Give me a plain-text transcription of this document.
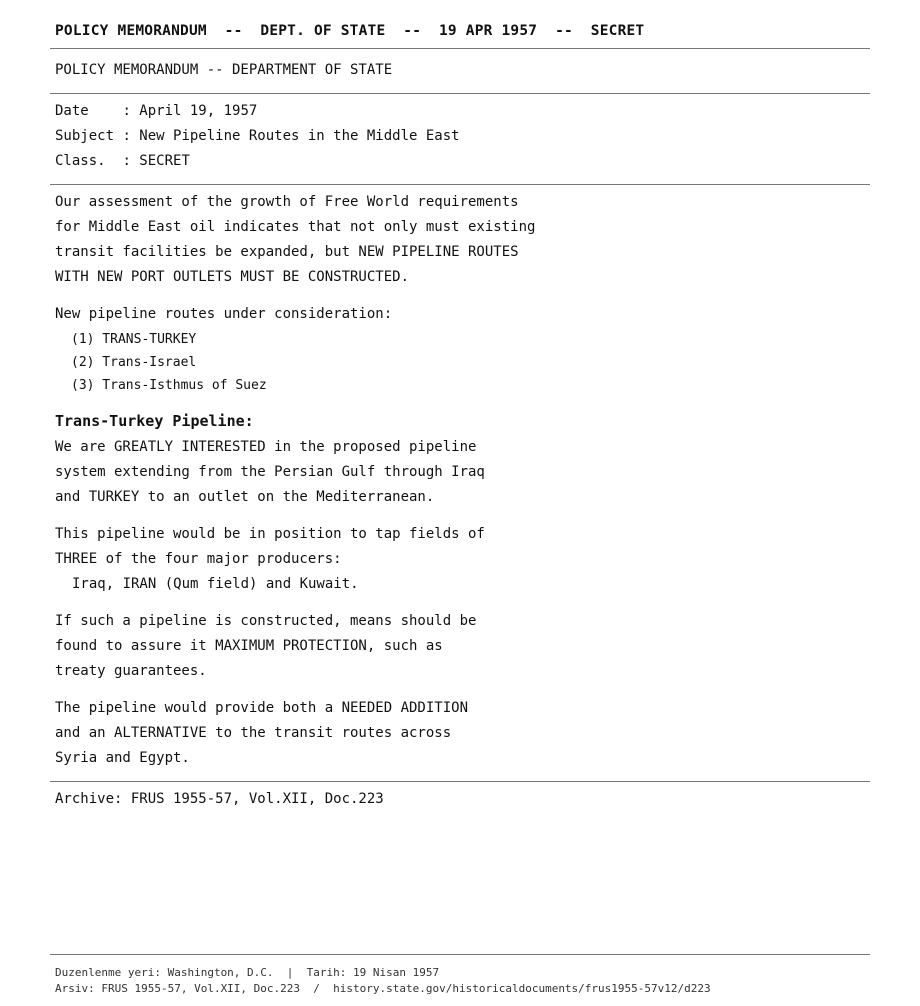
POLICY MEMORANDUM  --  DEPT. OF STATE  --  19 APR 1957  --  SECRET
POLICY MEMORANDUM -- DEPARTMENT OF STATE
Date    : April 19, 1957
Subject : New Pipeline Routes in the Middle East
Class.  : SECRET
Our assessment of the growth of Free World requirements
for Middle East oil indicates that not only must existing
transit facilities be expanded, but NEW PIPELINE ROUTES
WITH NEW PORT OUTLETS MUST BE CONSTRUCTED.
New pipeline routes under consideration:
(1) TRANS-TURKEY
(2) Trans-Israel
(3) Trans-Isthmus of Suez
Trans-Turkey Pipeline:
We are GREATLY INTERESTED in the proposed pipeline
system extending from the Persian Gulf through Iraq
and TURKEY to an outlet on the Mediterranean.
This pipeline would be in position to tap fields of
THREE of the four major producers:
Iraq, IRAN (Qum field) and Kuwait.
If such a pipeline is constructed, means should be
found to assure it MAXIMUM PROTECTION, such as
treaty guarantees.
The pipeline would provide both a NEEDED ADDITION
and an ALTERNATIVE to the transit routes across
Syria and Egypt.
Archive: FRUS 1955-57, Vol.XII, Doc.223
Duzenlenme yeri: Washington, D.C.  |  Tarih: 19 Nisan 1957
Arsiv: FRUS 1955-57, Vol.XII, Doc.223  /  history.state.gov/historicaldocuments/frus1955-57v12/d223
